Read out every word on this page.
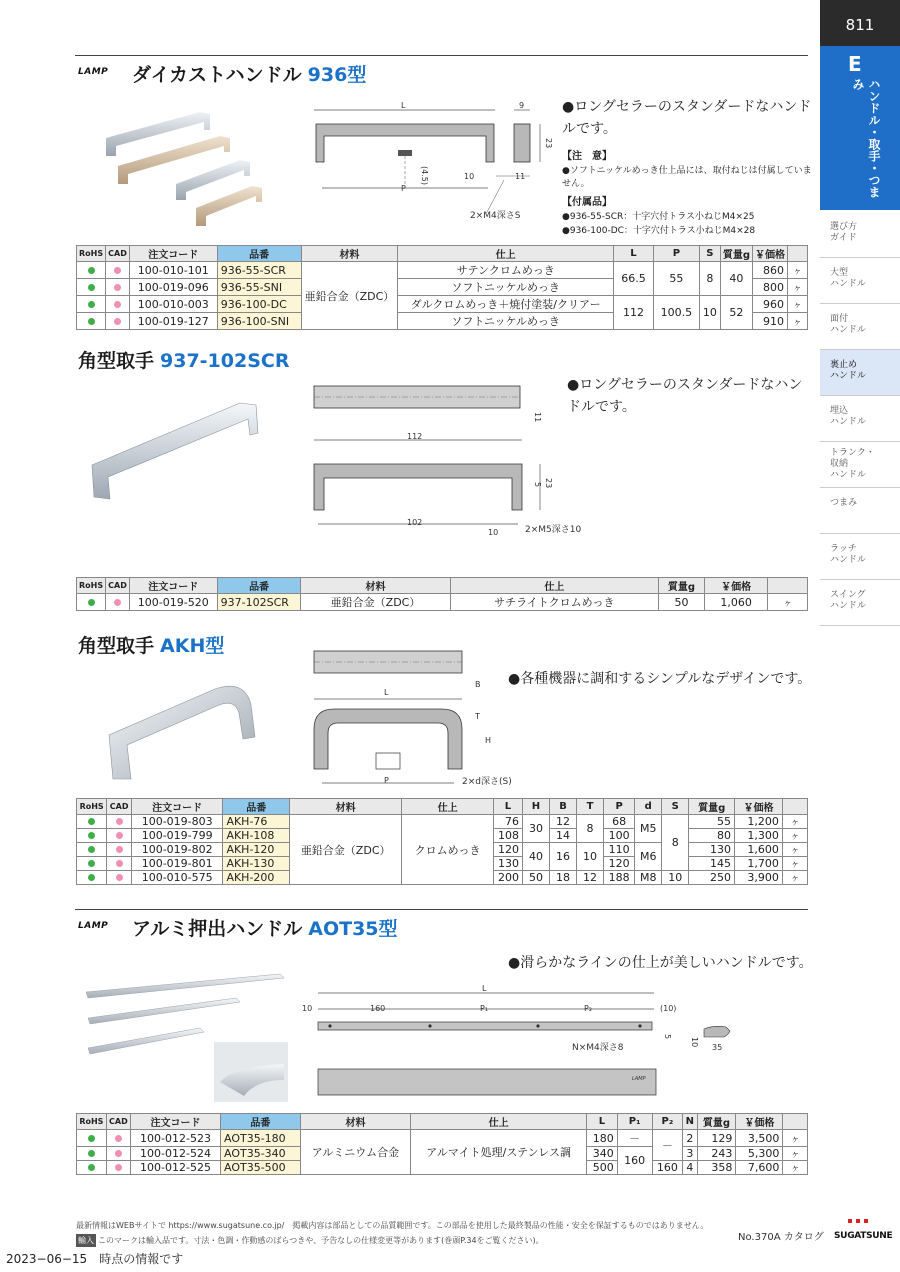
811
E
ハンドル・取手・つまみ
選び方
ガイド
大型
ハンドル
面付
ハンドル
裏止め
ハンドル
埋込
ハンドル
トランク・
収納
ハンドル
つまみ
ラッチ
ハンドル
スイング
ハンドル
LAMP ダイカストハンドル 936型
L	9
23
(4.5)	10	11
P
2×M4深さS
●ロングセラーのスタンダードなハンドルです。
【注　意】
●ソフトニッケルめっき仕上品には、取付ねじは付属していません。
【付属品】
●936-55-SCR：十字穴付トラス小ねじM4×25
●936-100-DC：十字穴付トラス小ねじM4×28
RoHS	CAD	注文コード	品番	材料	仕上	L	P	S	質量g	￥価格	
		100-010-101	936-55-SCR	亜鉛合金（ZDC）	サテンクロムめっき	66.5	55	8	40	860	ヶ
		100-019-096	936-55-SNI		ソフトニッケルめっき					800	ヶ
		100-010-003	936-100-DC		ダルクロムめっき＋焼付塗装/クリアー	112	100.5	10	52	960	ヶ
		100-019-127	936-100-SNI		ソフトニッケルめっき					910	ヶ
角型取手 937-102SCR
11
112
5 23
102
10	2×M5深さ10
●ロングセラーのスタンダードなハンドルです。
RoHS	CAD	注文コード	品番	材料	仕上	質量g	￥価格	
		100-019-520	937-102SCR	亜鉛合金（ZDC）	サチライトクロムめっき	50	1,060	ヶ
角型取手 AKH型
B
L
T
H
P	2×d深さ(S)
●各種機器に調和するシンプルなデザインです。
RoHS	CAD	注文コード	品番	材料	仕上	L	H	B	T	P	d	S	質量g	￥価格	
		100-019-803	AKH-76	亜鉛合金（ZDC）	クロムめっき	76	30	12	8	68	M5	8	55	1,200	ヶ
		100-019-799	AKH-108			108		14		100			80	1,300	ヶ
		100-019-802	AKH-120			120	40	16	10	110	M6		130	1,600	ヶ
		100-019-801	AKH-130			130				120			145	1,700	ヶ
		100-010-575	AKH-200			200	50	18	12	188	M8	10	250	3,900	ヶ
LAMP アルミ押出ハンドル AOT35型
L
10	160	P₁	P₂	(10)
N×M4深さ8
5
10
35
LAMP
●滑らかなラインの仕上が美しいハンドルです。
RoHS	CAD	注文コード	品番	材料	仕上	L	P₁	P₂	N	質量g	￥価格	
		100-012-523	AOT35-180	アルミニウム合金	アルマイト処理/ステンレス調	180	－	－	2	129	3,500	ヶ
		100-012-524	AOT35-340			340	160		3	243	5,300	ヶ
		100-012-525	AOT35-500			500		160	4	358	7,600	ヶ
最新情報はWEBサイトで https://www.sugatsune.co.jp/　掲載内容は部品としての品質範囲です。この部品を使用した最終製品の性能・安全を保証するものではありません。
輸入 このマークは輸入品です。寸法・色調・作動感のばらつきや、予告なしの仕様変更等があります(巻頭P.34をご覧ください)。	No.370A カタログ SUGATSUNE
2023−06−15　時点の情報です
